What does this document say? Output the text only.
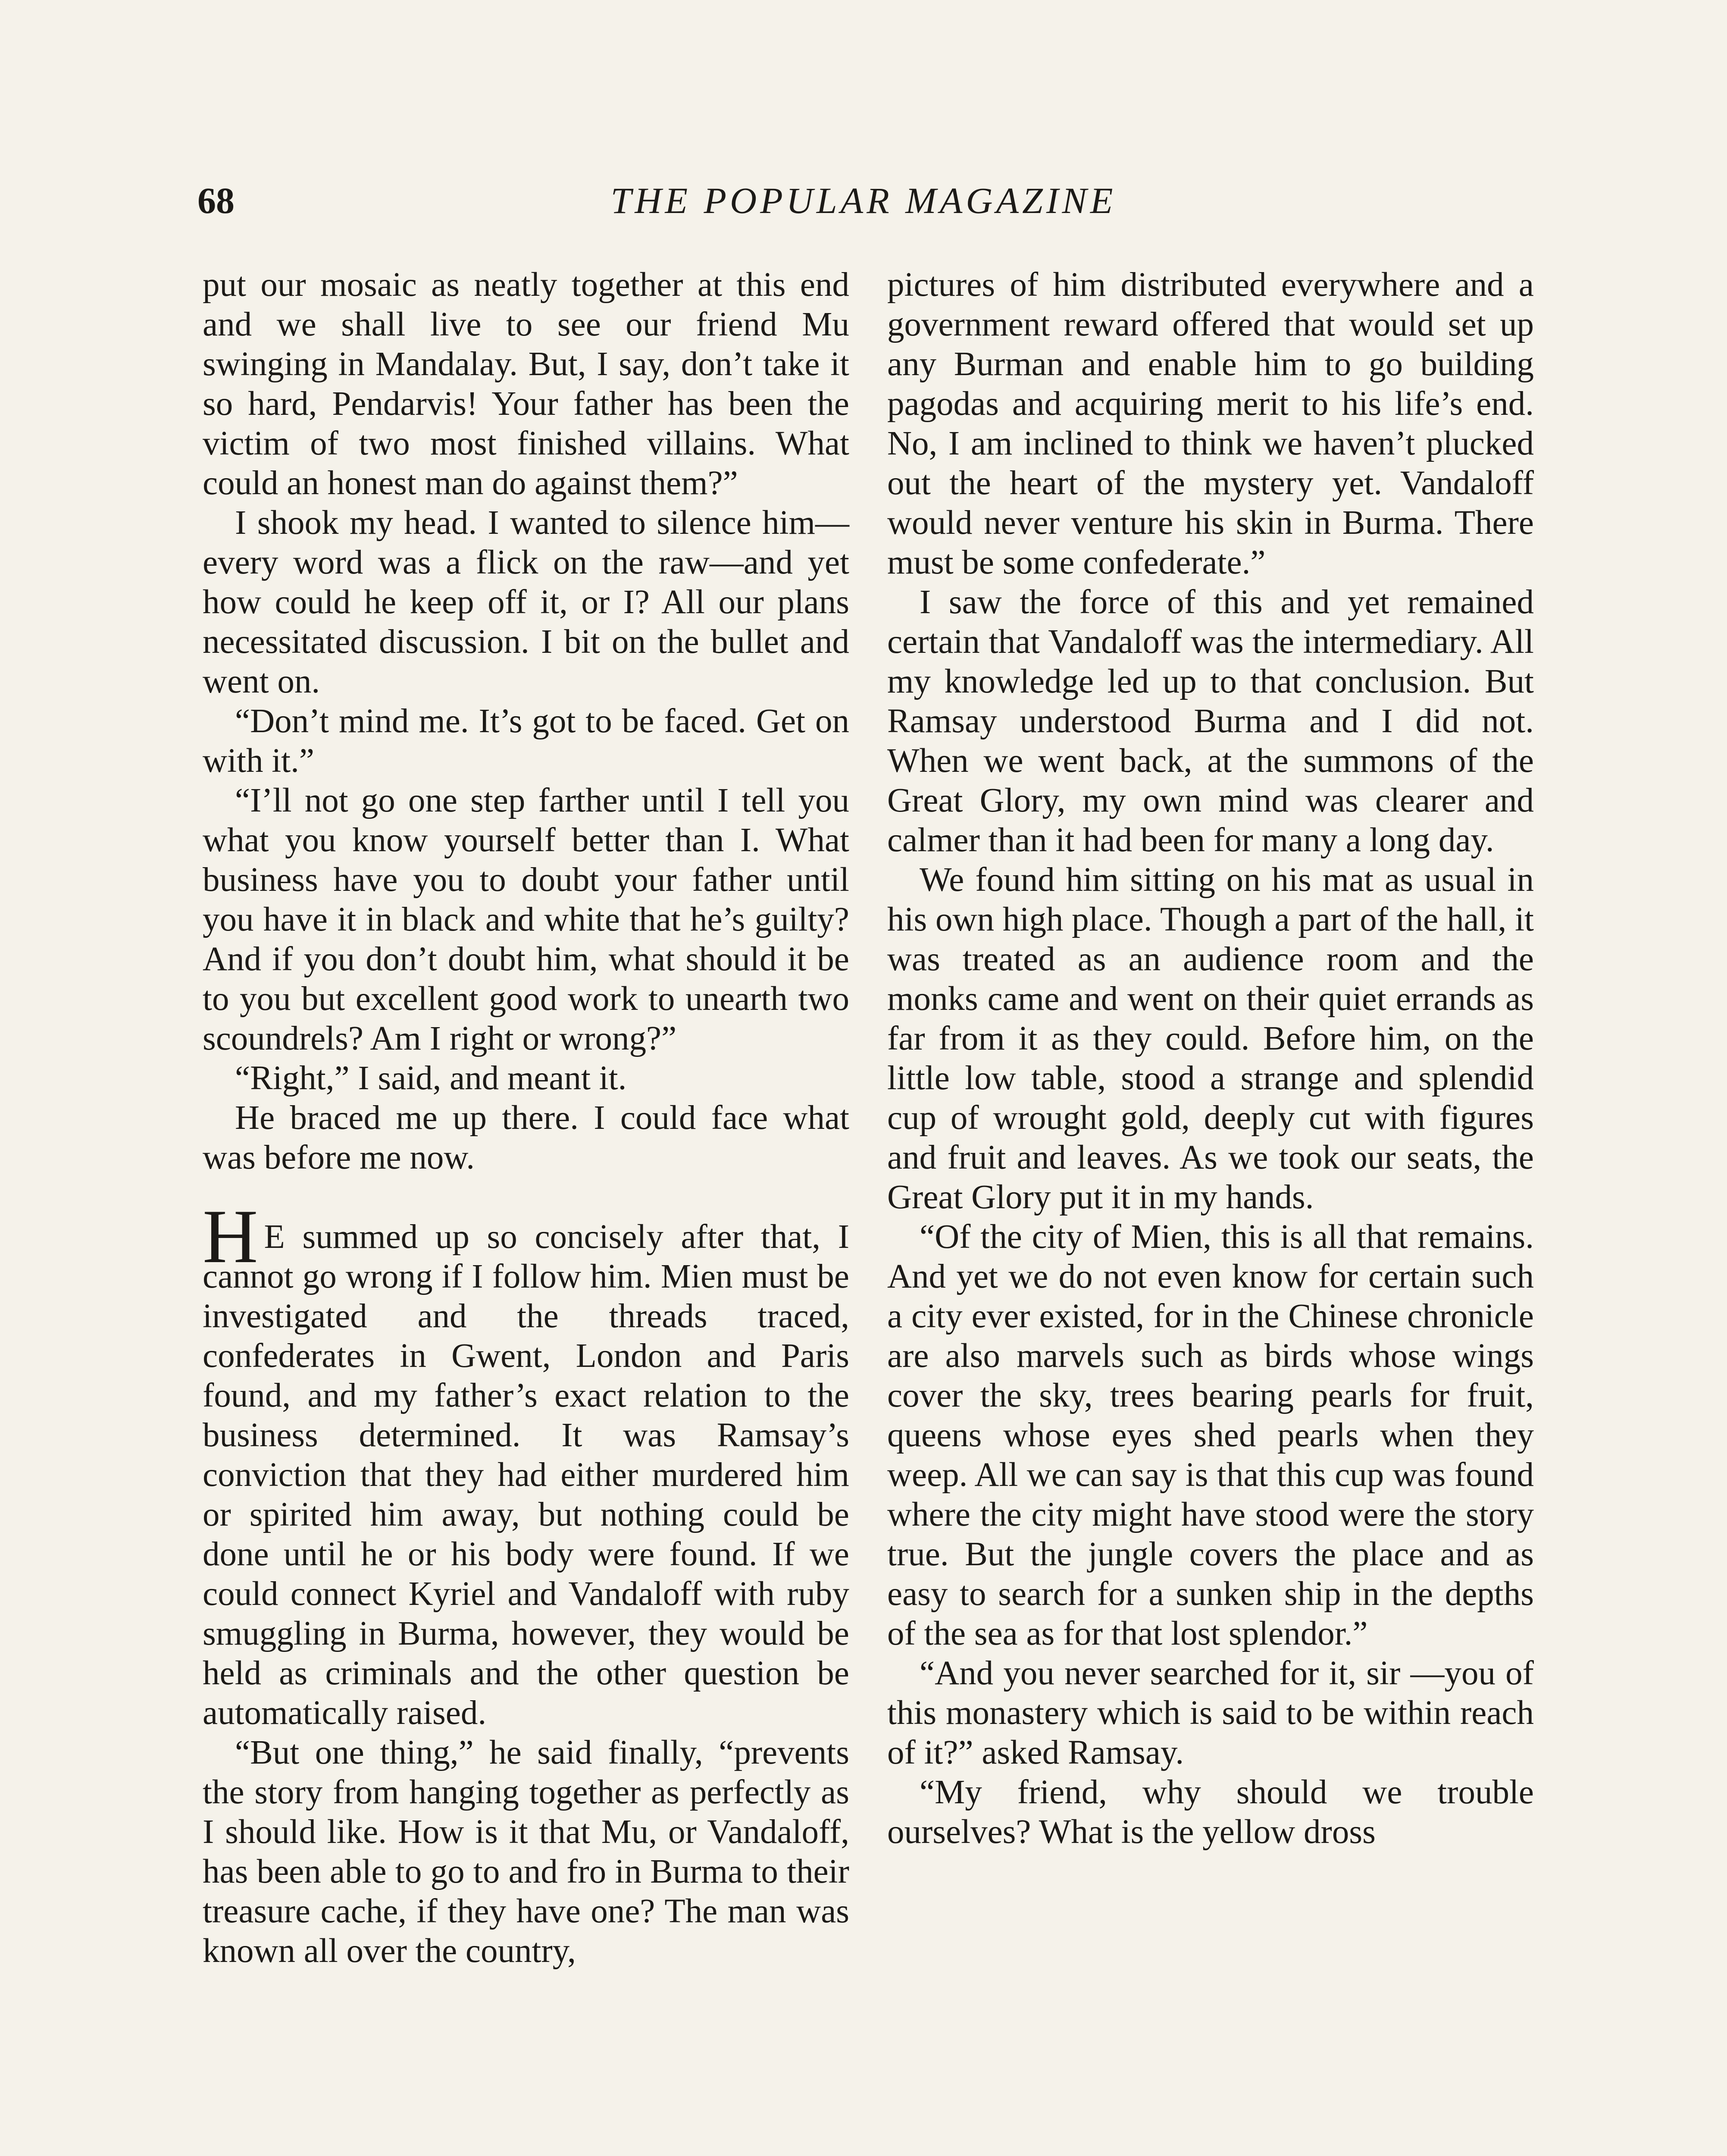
68	THE POPULAR MAGAZINE

put our mosaic as neatly together at this end and we shall live to see our friend Mu swinging in Mandalay. But, I say, don’t take it so hard, Pendarvis! Your father has been the victim of two most finished villains. What could an honest man do against them?”

I shook my head. I wanted to silence him—every word was a flick on the raw—and yet how could he keep off it, or I? All our plans necessitated discussion. I bit on the bullet and went on.

“Don’t mind me. It’s got to be faced. Get on with it.”

“I’ll not go one step farther until I tell you what you know yourself better than I. What business have you to doubt your father until you have it in black and white that he’s guilty? And if you don’t doubt him, what should it be to you but excellent good work to unearth two scoundrels? Am I right or wrong?”

“Right,” I said, and meant it.

He braced me up there. I could face what was before me now.

HE summed up so concisely after that, I cannot go wrong if I follow him. Mien must be investigated and the threads traced, confederates in Gwent, London and Paris found, and my father’s exact relation to the business determined. It was Ramsay’s conviction that they had either murdered him or spirited him away, but nothing could be done until he or his body were found. If we could connect Kyriel and Vandaloff with ruby smuggling in Burma, however, they would be held as criminals and the other question be automatically raised.

“But one thing,” he said finally, “prevents the story from hanging together as perfectly as I should like. How is it that Mu, or Vandaloff, has been able to go to and fro in Burma to their treasure cache, if they have one? The man was known all over the country,

pictures of him distributed everywhere and a government reward offered that would set up any Burman and enable him to go building pagodas and acquiring merit to his life’s end. No, I am inclined to think we haven’t plucked out the heart of the mystery yet. Vandaloff would never venture his skin in Burma. There must be some confederate.”

I saw the force of this and yet remained certain that Vandaloff was the intermediary. All my knowledge led up to that conclusion. But Ramsay understood Burma and I did not. When we went back, at the summons of the Great Glory, my own mind was clearer and calmer than it had been for many a long day.

We found him sitting on his mat as usual in his own high place. Though a part of the hall, it was treated as an audience room and the monks came and went on their quiet errands as far from it as they could. Before him, on the little low table, stood a strange and splendid cup of wrought gold, deeply cut with figures and fruit and leaves. As we took our seats, the Great Glory put it in my hands.

“Of the city of Mien, this is all that remains. And yet we do not even know for certain such a city ever existed, for in the Chinese chronicle are also marvels such as birds whose wings cover the sky, trees bearing pearls for fruit, queens whose eyes shed pearls when they weep. All we can say is that this cup was found where the city might have stood were the story true. But the jungle covers the place and as easy to search for a sunken ship in the depths of the sea as for that lost splendor.”

“And you never searched for it, sir —you of this monastery which is said to be within reach of it?” asked Ramsay.

“My friend, why should we trouble ourselves? What is the yellow dross
